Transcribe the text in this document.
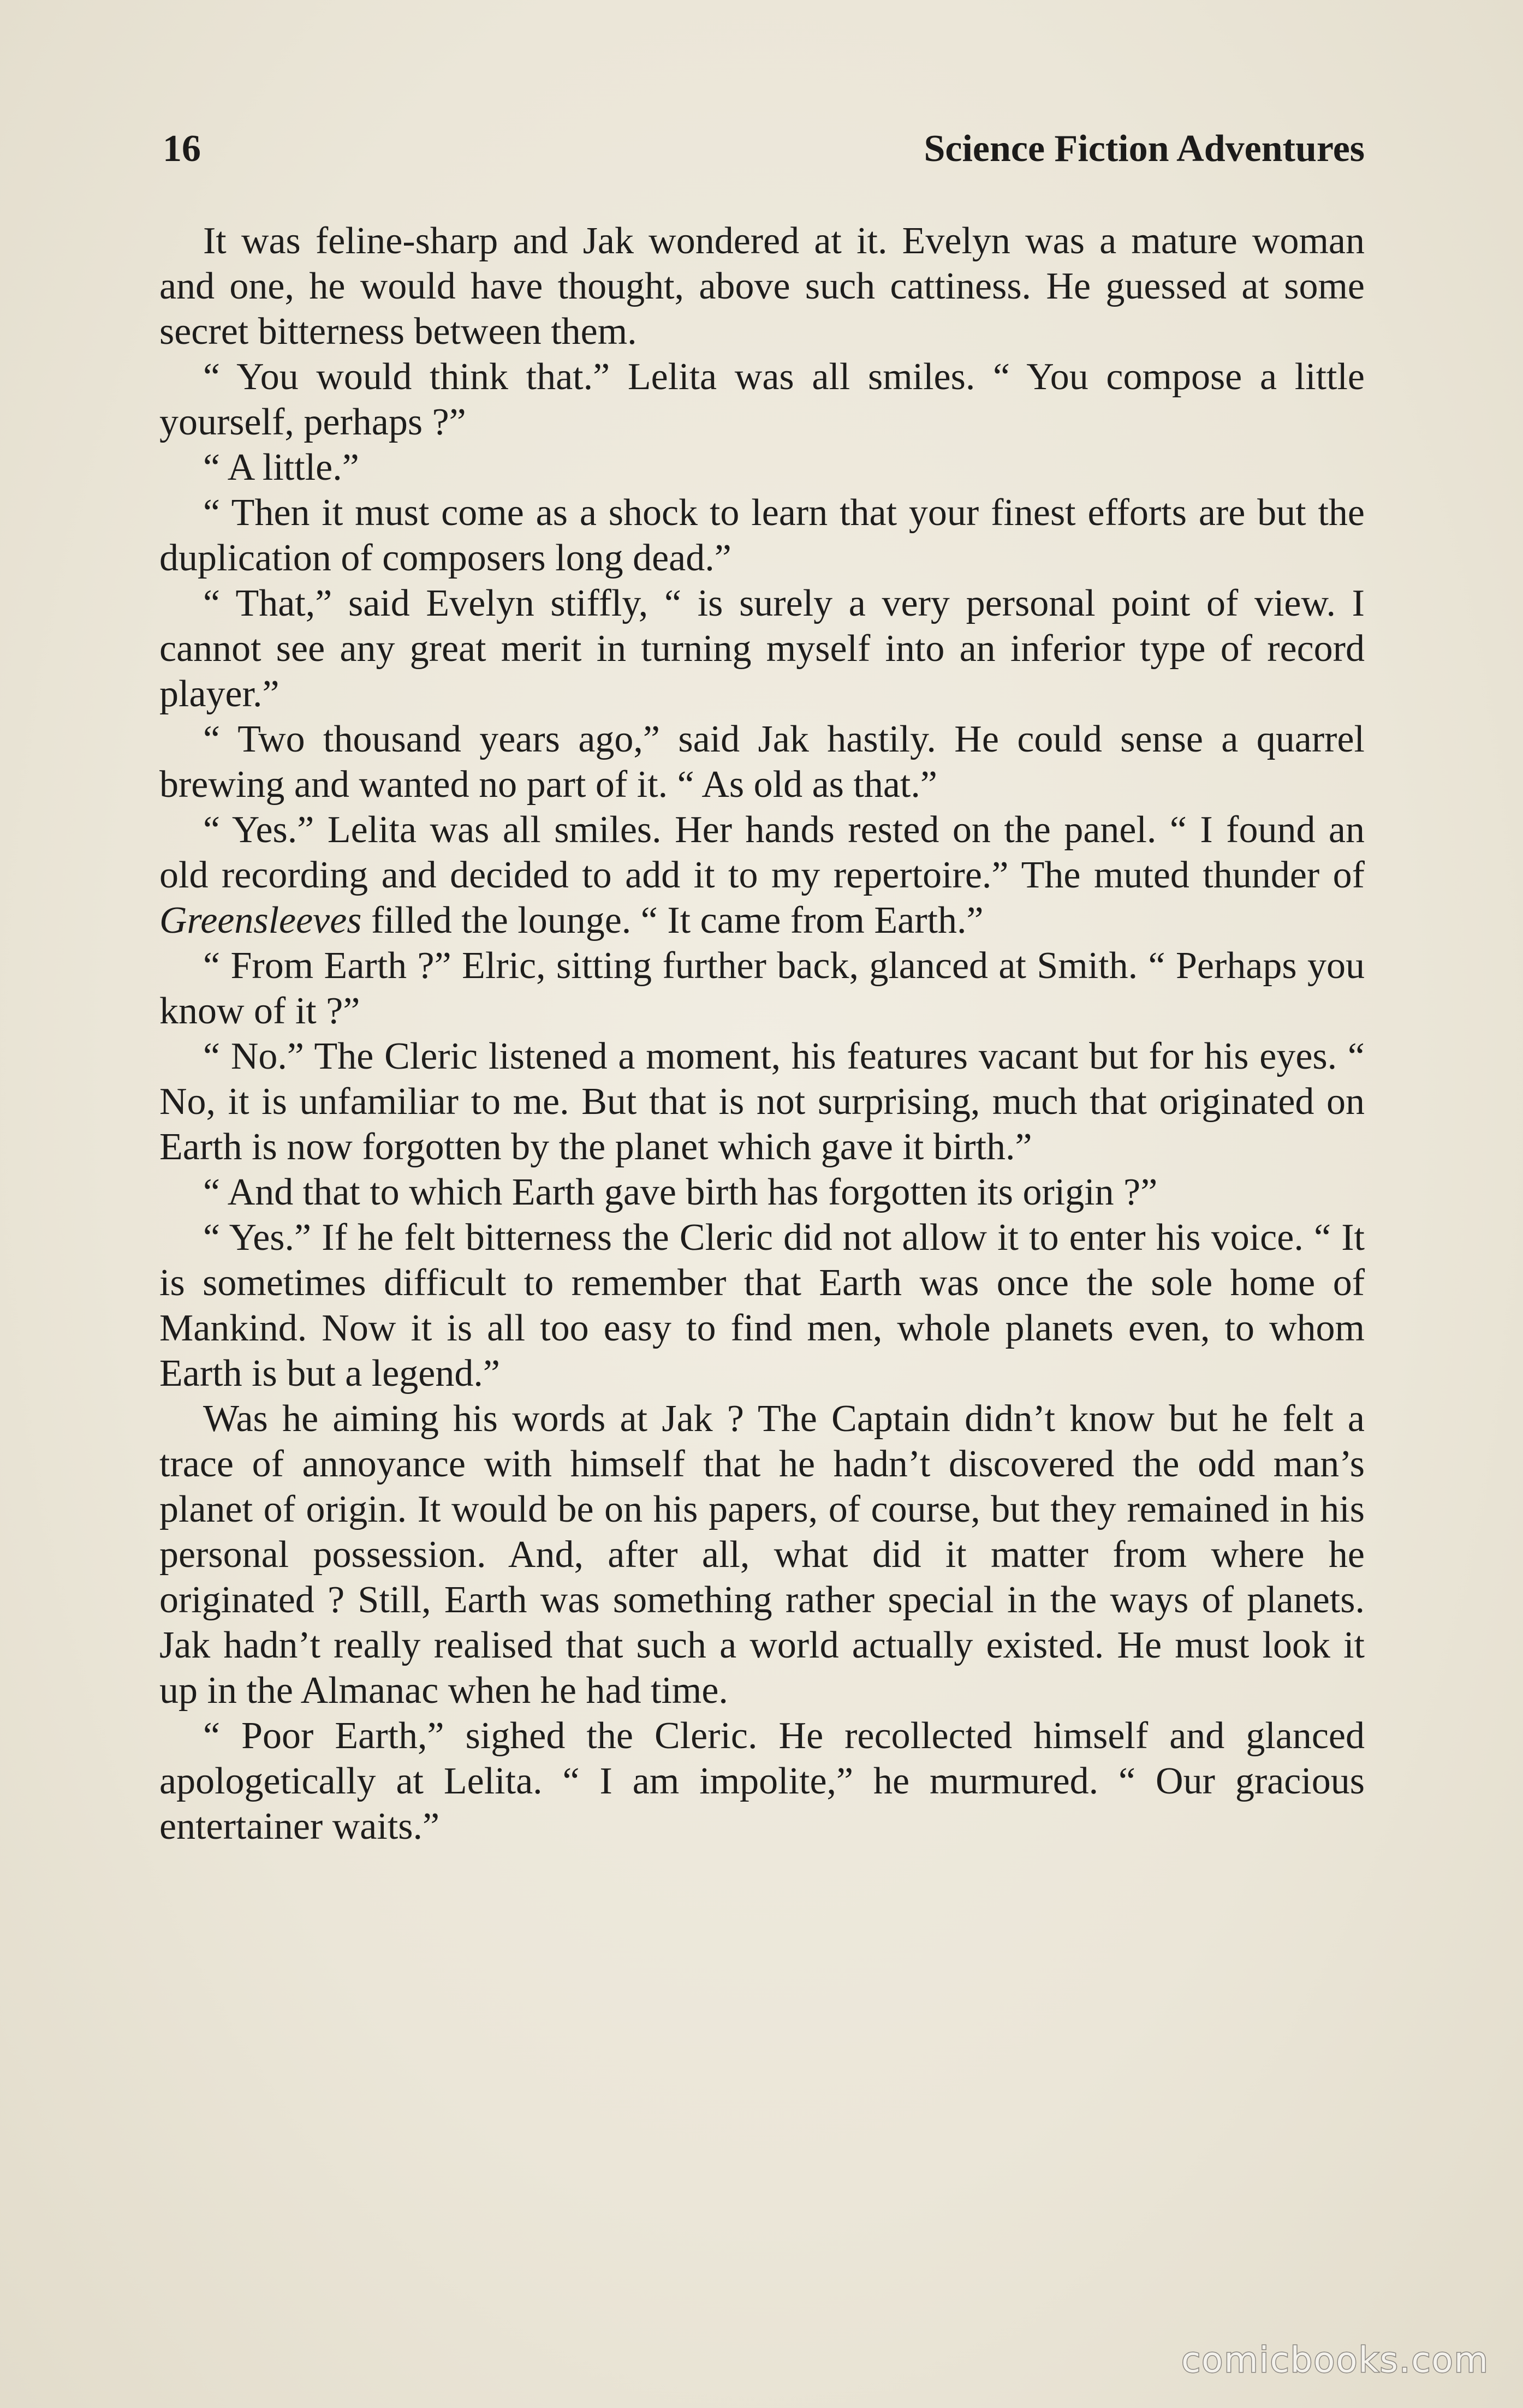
16	Science Fiction Adventures

It was feline-sharp and Jak wondered at it. Evelyn was a mature woman and one, he would have thought, above such cattiness. He guessed at some secret bitterness between them.

“ You would think that.” Lelita was all smiles. “ You compose a little yourself, perhaps ?”

“ A little.”

“ Then it must come as a shock to learn that your finest efforts are but the duplication of composers long dead.”

“ That,” said Evelyn stiffly, “ is surely a very personal point of view. I cannot see any great merit in turning myself into an inferior type of record player.”

“ Two thousand years ago,” said Jak hastily. He could sense a quarrel brewing and wanted no part of it. “ As old as that.”

“ Yes.” Lelita was all smiles. Her hands rested on the panel. “ I found an old recording and decided to add it to my repertoire.” The muted thunder of Greensleeves filled the lounge. “ It came from Earth.”

“ From Earth ?” Elric, sitting further back, glanced at Smith. “ Perhaps you know of it ?”

“ No.” The Cleric listened a moment, his features vacant but for his eyes. “ No, it is unfamiliar to me. But that is not surprising, much that originated on Earth is now forgotten by the planet which gave it birth.”

“ And that to which Earth gave birth has forgotten its origin ?”

“ Yes.” If he felt bitterness the Cleric did not allow it to enter his voice. “ It is sometimes difficult to remember that Earth was once the sole home of Mankind. Now it is all too easy to find men, whole planets even, to whom Earth is but a legend.”

Was he aiming his words at Jak ? The Captain didn’t know but he felt a trace of annoyance with himself that he hadn’t discovered the odd man’s planet of origin. It would be on his papers, of course, but they remained in his personal possession. And, after all, what did it matter from where he originated ? Still, Earth was something rather special in the ways of planets. Jak hadn’t really realised that such a world actually existed. He must look it up in the Almanac when he had time.

“ Poor Earth,” sighed the Cleric. He recollected himself and glanced apologetically at Lelita. “ I am impolite,” he murmured. “ Our gracious entertainer waits.”

comicbooks.com
